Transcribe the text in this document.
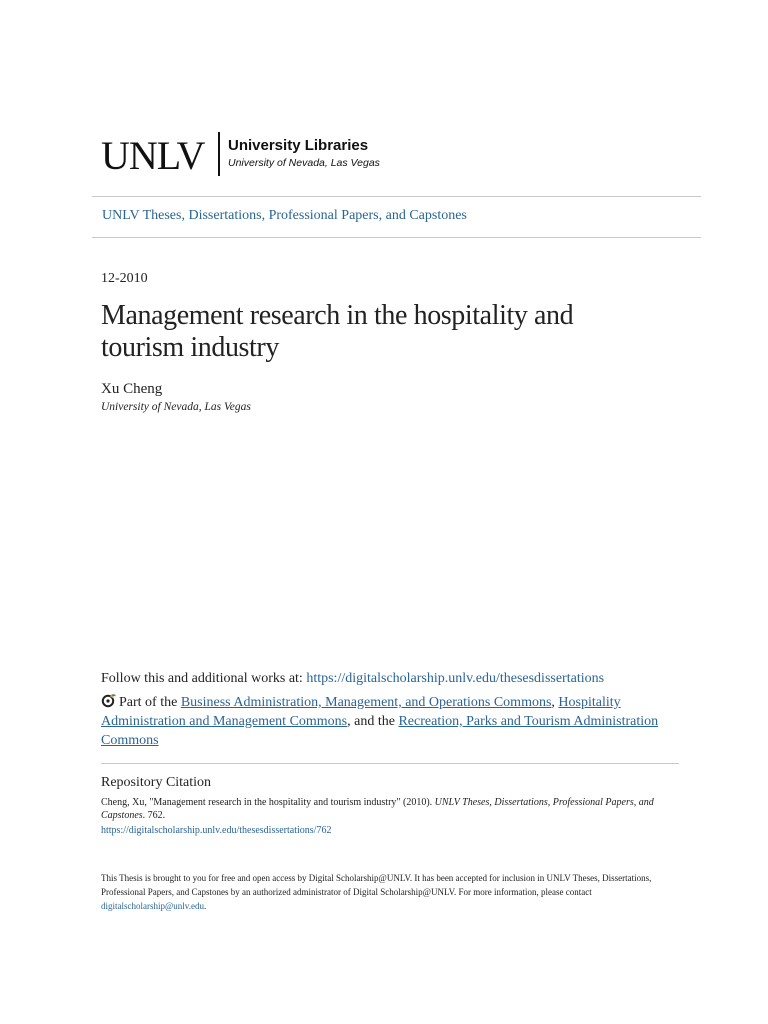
UNLV University Libraries
University of Nevada, Las Vegas
UNLV Theses, Dissertations, Professional Papers, and Capstones
12-2010
Management research in the hospitality and tourism industry
Xu Cheng
University of Nevada, Las Vegas
Follow this and additional works at: https://digitalscholarship.unlv.edu/thesesdissertations
Part of the Business Administration, Management, and Operations Commons, Hospitality Administration and Management Commons, and the Recreation, Parks and Tourism Administration Commons
Repository Citation
Cheng, Xu, "Management research in the hospitality and tourism industry" (2010). UNLV Theses, Dissertations, Professional Papers, and Capstones. 762.
https://digitalscholarship.unlv.edu/thesesdissertations/762
This Thesis is brought to you for free and open access by Digital Scholarship@UNLV. It has been accepted for inclusion in UNLV Theses, Dissertations, Professional Papers, and Capstones by an authorized administrator of Digital Scholarship@UNLV. For more information, please contact digitalscholarship@unlv.edu.
